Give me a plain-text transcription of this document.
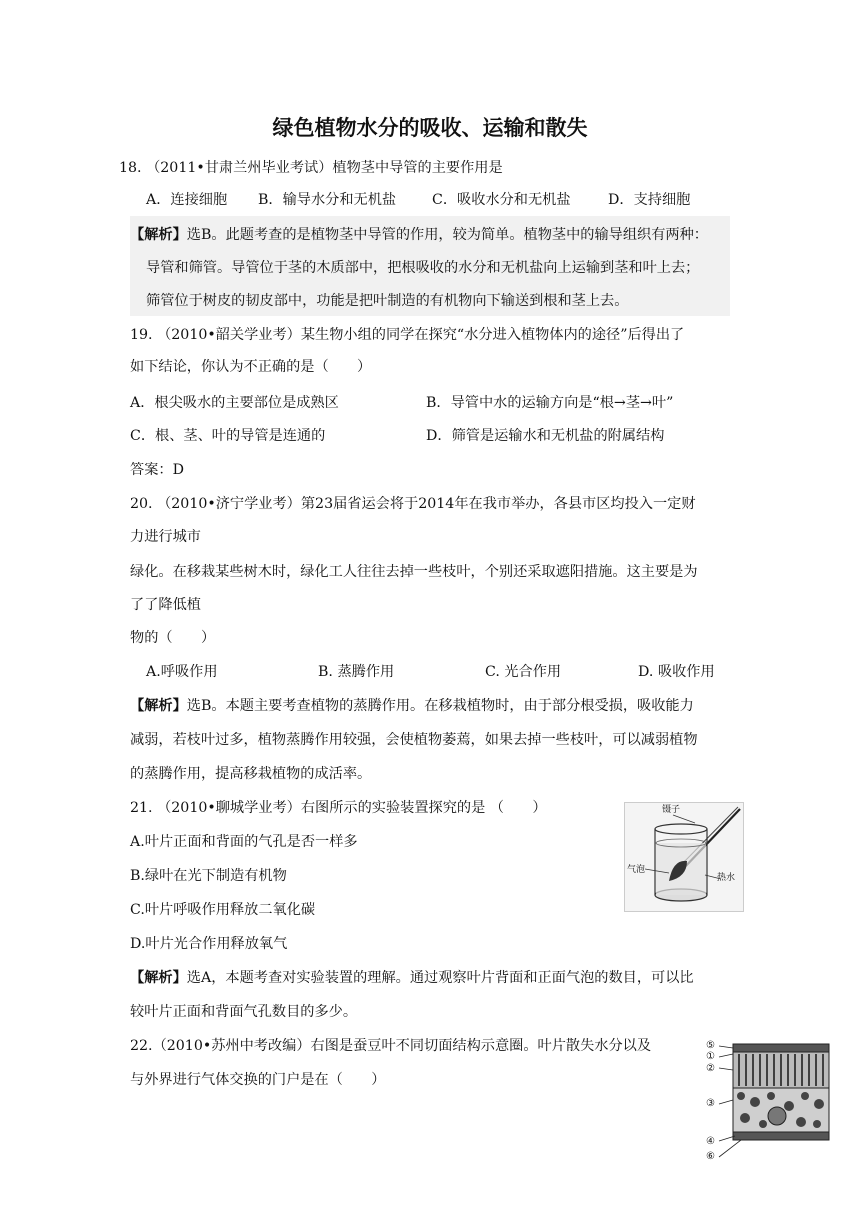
绿色植物水分的吸收、运输和散失
18. （2011•甘肃兰州毕业考试）植物茎中导管的主要作用是
A．连接细胞 B．输导水分和无机盐	C．吸收水分和无机盐	D．支持细胞
【解析】选B。此题考查的是植物茎中导管的作用，较为简单。植物茎中的输导组织有两种：
导管和筛管。导管位于茎的木质部中，把根吸收的水分和无机盐向上运输到茎和叶上去；
筛管位于树皮的韧皮部中，功能是把叶制造的有机物向下输送到根和茎上去。
19. （2010•韶关学业考）某生物小组的同学在探究“水分进入植物体内的途径”后得出了
如下结论，你认为不正确的是（　　）
A．根尖吸水的主要部位是成熟区	B．导管中水的运输方向是“根→茎→叶”
C．根、茎、叶的导管是连通的	D．筛管是运输水和无机盐的附属结构
答案：D
20. （2010•济宁学业考）第23届省运会将于2014年在我市举办，各县市区均投入一定财
力进行城市
绿化。在移栽某些树木时，绿化工人往往去掉一些枝叶，个别还采取遮阳措施。这主要是为
了了降低植
物的（　　）
A.呼吸作用	B. 蒸腾作用	C. 光合作用	D. 吸收作用
【解析】选B。本题主要考查植物的蒸腾作用。在移栽植物时，由于部分根受损，吸收能力
减弱，若枝叶过多，植物蒸腾作用较强，会使植物萎蔫，如果去掉一些枝叶，可以减弱植物
的蒸腾作用，提高移栽植物的成活率。
21. （2010•聊城学业考）右图所示的实验装置探究的是 （　　）
A.叶片正面和背面的气孔是否一样多
B.绿叶在光下制造有机物
C.叶片呼吸作用释放二氧化碳
D.叶片光合作用释放氧气
【解析】选A，本题考查对实验装置的理解。通过观察叶片背面和正面气泡的数目，可以比
较叶片正面和背面气孔数目的多少。
镊子
气泡
热水
22.（2010•苏州中考改编）右图是蚕豆叶不同切面结构示意圈。叶片散失水分以及
与外界进行气体交换的门户是在（　　）
⑤
①
②
③
④
⑥
